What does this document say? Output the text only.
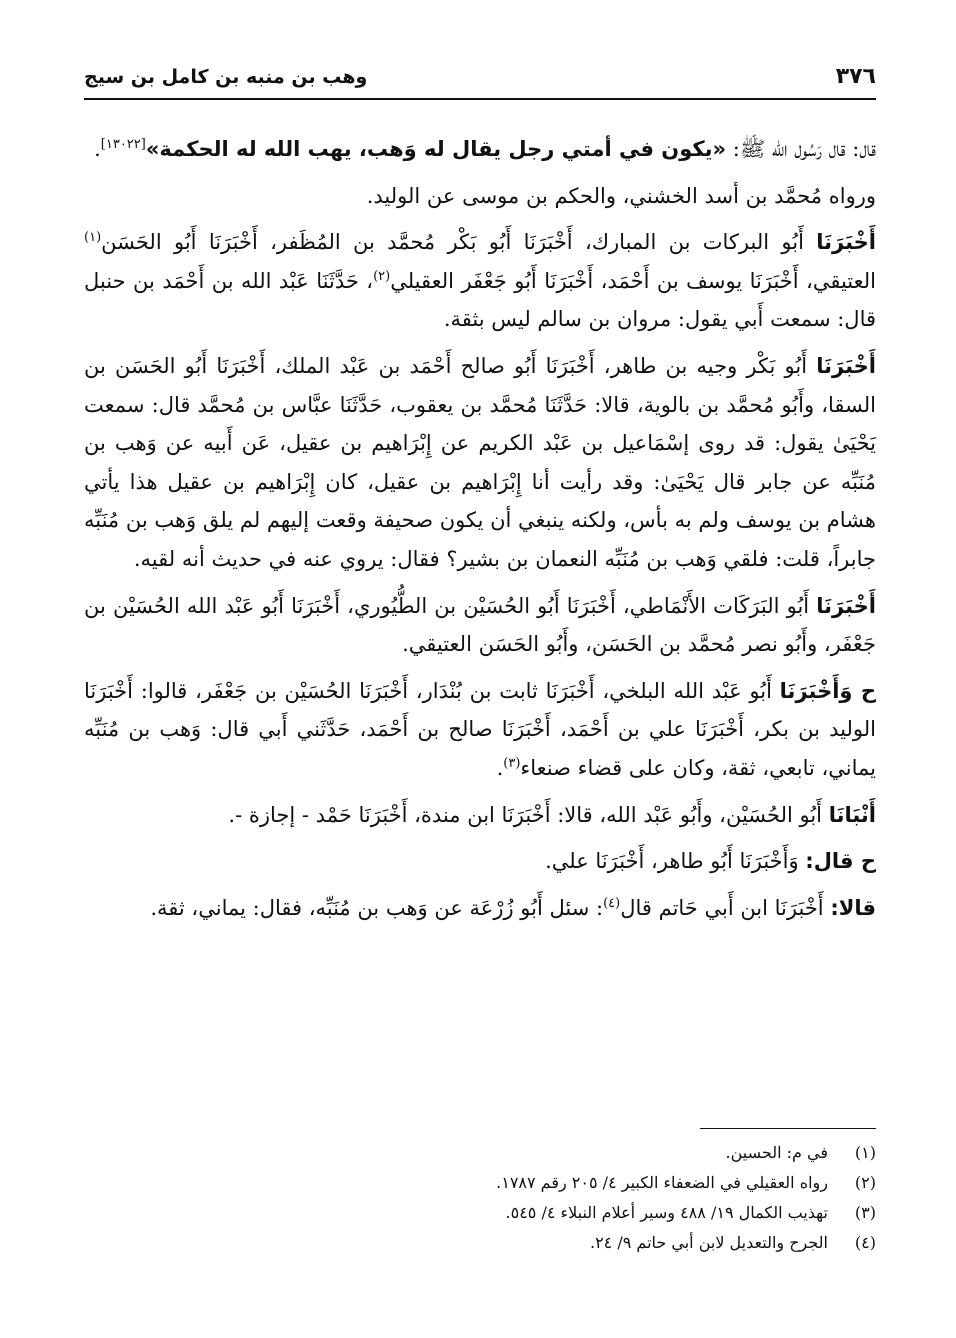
٣٧٦
وهب بن منبه بن كامل بن سيج

قال: قال رَسُول الله ﷺ: «يكون في أمتي رجل يقال له وَهب، يهب الله له الحكمة»[١٣٠٢٢].

ورواه مُحمَّد بن أسد الخشني، والحكم بن موسى عن الوليد.

أَخْبَرَنَا أَبُو البركات بن المبارك، أَخْبَرَنَا أَبُو بَكْر مُحمَّد بن المُظَفر، أَخْبَرَنَا أَبُو الحَسَن$^{(١)}$ العتيقي، أَخْبَرَنَا يوسف بن أَحْمَد، أَخْبَرَنَا أَبُو جَعْفَر العقيلي$^{(٢)}$، حَدَّثَنَا عَبْد الله بن أَحْمَد بن حنبل قال: سمعت أَبي يقول: مروان بن سالم ليس بثقة.

أَخْبَرَنَا أَبُو بَكْر وجيه بن طاهر، أَخْبَرَنَا أَبُو صالح أَحْمَد بن عَبْد الملك، أَخْبَرَنَا أَبُو الحَسَن بن السقا، وأَبُو مُحمَّد بن بالوية، قالا: حَدَّثَنَا مُحمَّد بن يعقوب، حَدَّثَنَا عبَّاس بن مُحمَّد قال: سمعت يَحْيَىٰ يقول: قد روى إسْمَاعيل بن عَبْد الكريم عن إِبْرَاهيم بن عقيل، عَن أَبيه عن وَهب بن مُنَبِّه عن جابر قال يَحْيَىٰ: وقد رأيت أنا إِبْرَاهيم بن عقيل، كان إِبْرَاهيم بن عقيل هذا يأتي هشام بن يوسف ولم به بأس، ولكنه ينبغي أن يكون صحيفة وقعت إليهم لم يلق وَهب بن مُنَبِّه جابراً، قلت: فلقي وَهب بن مُنَبِّه النعمان بن بشير؟ فقال: يروي عنه في حديث أنه لقيه.

أَخْبَرَنَا أَبُو البَرَكَات الأَنْمَاطي، أَخْبَرَنَا أَبُو الحُسَيْن بن الطُّيُوري، أَخْبَرَنَا أَبُو عَبْد الله الحُسَيْن بن جَعْفَر، وأَبُو نصر مُحمَّد بن الحَسَن، وأَبُو الحَسَن العتيقي.

ح وَأَخْبَرَنَا أَبُو عَبْد الله البلخي، أَخْبَرَنَا ثابت بن بُنْدَار، أَخْبَرَنَا الحُسَيْن بن جَعْفَر، قالوا: أَخْبَرَنَا الوليد بن بكر، أَخْبَرَنَا علي بن أَحْمَد، أَخْبَرَنَا صالح بن أَحْمَد، حَدَّثَني أَبي قال: وَهب بن مُنَبِّه يماني، تابعي، ثقة، وكان على قضاء صنعاء$^{(٣)}$.

أَنْبَانَا أَبُو الحُسَيْن، وأَبُو عَبْد الله، قالا: أَخْبَرَنَا ابن مندة، أَخْبَرَنَا حَمْد - إجازة -.

ح قال: وَأَخْبَرَنَا أَبُو طاهر، أَخْبَرَنَا علي.

قالا: أَخْبَرَنَا ابن أَبي حَاتم قال$^{(٤)}$: سئل أَبُو زُرْعَة عن وَهب بن مُنَبِّه، فقال: يماني، ثقة.

(١)
في م: الحسين.
(٢)
رواه العقيلي في الضعفاء الكبير ٤/ ٢٠٥ رقم ١٧٨٧.
(٣)
تهذيب الكمال ١٩/ ٤٨٨ وسير أعلام النبلاء ٤/ ٥٤٥.
(٤)
الجرح والتعديل لابن أبي حاتم ٩/ ٢٤.
